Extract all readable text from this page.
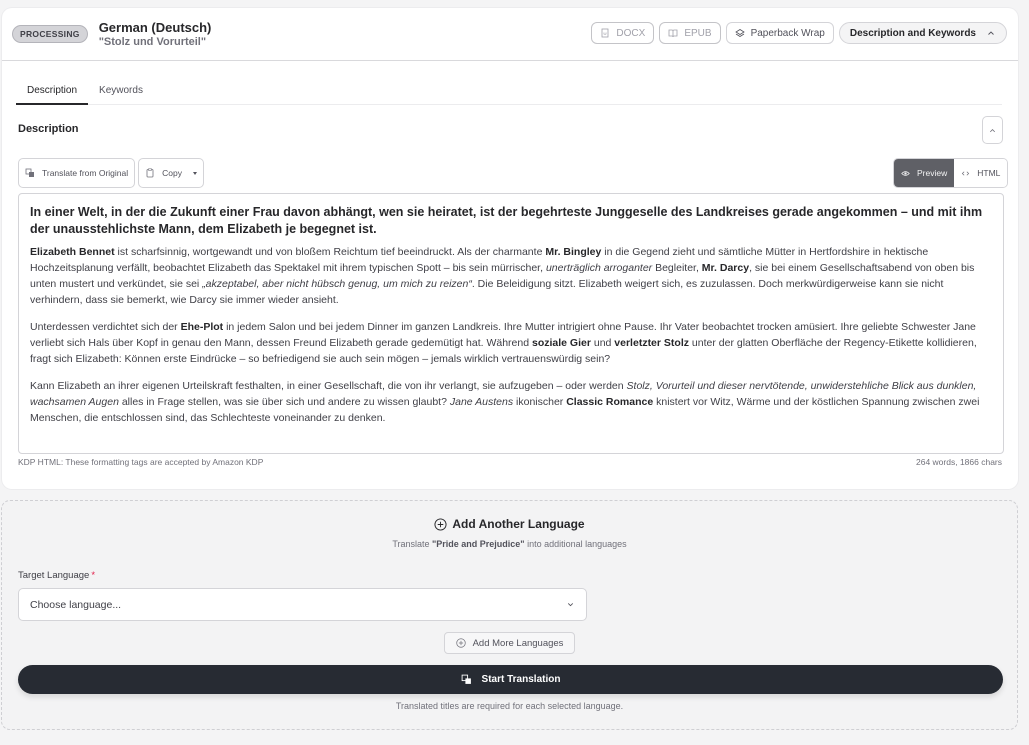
PROCESSING	German (Deutsch)
"Stolz und Vorurteil"
W DOCX	EPUB	Paperback Wrap	Description and Keywords
Description	Keywords
Description
Translate from Original	Copy	Preview	HTML
In einer Welt, in der die Zukunft einer Frau davon abhängt, wen sie heiratet, ist der begehrteste Junggeselle des Landkreises gerade angekommen – und mit ihm der unausstehlichste Mann, dem Elizabeth je begegnet ist.

Elizabeth Bennet ist scharfsinnig, wortgewandt und von bloßem Reichtum tief beeindruckt. Als der charmante Mr. Bingley in die Gegend zieht und sämtliche Mütter in Hertfordshire in hektische Hochzeitsplanung verfällt, beobachtet Elizabeth das Spektakel mit ihrem typischen Spott – bis sein mürrischer, unerträglich arroganter Begleiter, Mr. Darcy, sie bei einem Gesellschaftsabend von oben bis unten mustert und verkündet, sie sei „akzeptabel, aber nicht hübsch genug, um mich zu reizen“. Die Beleidigung sitzt. Elizabeth weigert sich, es zuzulassen. Doch merkwürdigerweise kann sie nicht verhindern, dass sie bemerkt, wie Darcy sie immer wieder ansieht.

Unterdessen verdichtet sich der Ehe-Plot in jedem Salon und bei jedem Dinner im ganzen Landkreis. Ihre Mutter intrigiert ohne Pause. Ihr Vater beobachtet trocken amüsiert. Ihre geliebte Schwester Jane verliebt sich Hals über Kopf in genau den Mann, dessen Freund Elizabeth gerade gedemütigt hat. Während soziale Gier und verletzter Stolz unter der glatten Oberfläche der Regency-Etikette kollidieren, fragt sich Elizabeth: Können erste Eindrücke – so befriedigend sie auch sein mögen – jemals wirklich vertrauenswürdig sein?

Kann Elizabeth an ihrer eigenen Urteilskraft festhalten, in einer Gesellschaft, die von ihr verlangt, sie aufzugeben – oder werden Stolz, Vorurteil und dieser nervtötende, unwiderstehliche Blick aus dunklen, wachsamen Augen alles in Frage stellen, was sie über sich und andere zu wissen glaubt? Jane Austens ikonischer Classic Romance knistert vor Witz, Wärme und der köstlichen Spannung zwischen zwei Menschen, die entschlossen sind, das Schlechteste voneinander zu denken.

KDP HTML: These formatting tags are accepted by Amazon KDP	264 words, 1866 chars
Add Another Language
Translate "Pride and Prejudice" into additional languages
Target Language *
Choose language...
Add More Languages
Start Translation
Translated titles are required for each selected language.
